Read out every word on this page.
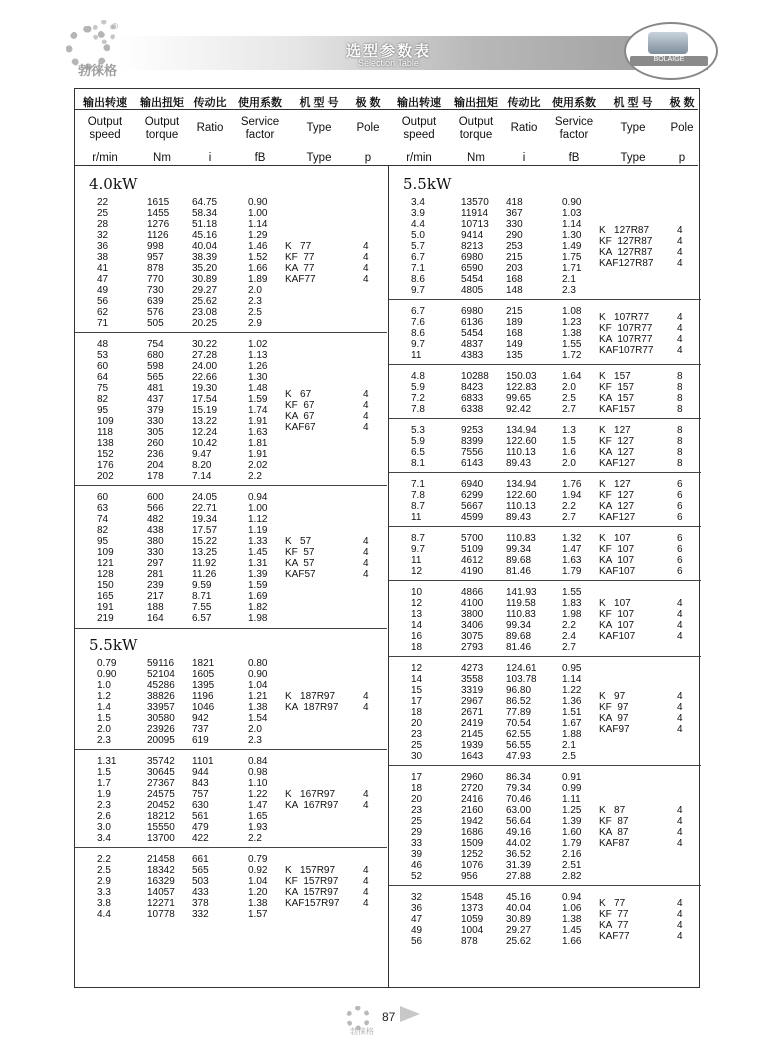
®
勃徕格
选型参数表
Selection Table	BOLAIGE
输出转速
Output
speed
r/min
输出扭矩
Output
torque
Nm
传动比
Ratio
i
使用系数
Service
factor
fB
机 型 号
Type
Type
极 数
Pole
p
输出转速
Output
speed
r/min
输出扭矩
Output
torque
Nm
传动比
Ratio
i
使用系数
Service
factor
fB
机 型 号
Type
Type
极 数
Pole
p
4.0kW
22	1615 64.75	0.90
25	1455 58.34	1.00
28	1276 51.18	1.14
32	1126 45.16	1.29
36	998	40.04	1.46
38	957	38.39	1.52
41	878	35.20	1.66
47	770	30.89	1.89
49	730	29.27	2.0
56	639	25.62	2.3
62	576	23.08	2.5
71	505	20.25	2.9
K   77	4
KF  77	4
KA  77	4
KAF77	4
48	754	30.22	1.02
53	680	27.28	1.13
60	598	24.00	1.26
64	565	22.66	1.30
75	481	19.30	1.48
82	437	17.54	1.59
95	379	15.19	1.74
109	330	13.22	1.91
118	305	12.24	1.63
138	260	10.42	1.81
152	236	9.47	1.91
176	204	8.20	2.02
202	178	7.14	2.2
K   67	4
KF  67	4
KA  67	4
KAF67	4
60	600	24.05	0.94
63	566	22.71	1.00
74	482	19.34	1.12
82	438	17.57	1.19
95	380	15.22	1.33
109	330	13.25	1.45
121	297	11.92	1.31
128	281	11.26	1.39
150	239	9.59	1.59
165	217	8.71	1.69
191	188	7.55	1.82
219	164	6.57	1.98
K   57	4
KF  57	4
KA  57	4
KAF57	4
5.5kW
0.79	59116 1821	0.80
0.90	52104 1605	0.90
1.0	45286 1395	1.04
1.2	38826 1196	1.21
1.4	33957 1046	1.38
1.5	30580 942	1.54
2.0	23926 737	2.0
2.3	20095 619	2.3
K   187R97	4
KA  187R97 4
1.31	35742 1101	0.84
1.5	30645 944	0.98
1.7	27367 843	1.10
1.9	24575 757	1.22
2.3	20452 630	1.47
2.6	18212 561	1.65
3.0	15550 479	1.93
3.4	13700 422	2.2
K   167R97	4
KA  167R97 4
2.2	21458 661	0.79
2.5	18342 565	0.92
2.9	16329 503	1.04
3.3	14057 433	1.20
3.8	12271 378	1.38
4.4	10778 332	1.57
K   157R97	4
KF  157R97 4
KA  157R97 4
KAF157R97 4
5.5kW
3.4	13570 418	0.90
3.9	11914 367	1.03
4.4	10713 330	1.14
5.0	9414 290	1.30
5.7	8213 253	1.49
6.7	6980 215	1.75
7.1	6590 203	1.71
8.6	5454 168	2.1
9.7	4805 148	2.3
K   127R87	4
KF  127R87 4
KA  127R87 4
KAF127R87 4
6.7	6980 215	1.08
7.6	6136 189	1.23
8.6	5454 168	1.38
9.7	4837 149	1.55
11	4383 135	1.72
K   107R77	4
KF  107R77 4
KA  107R77 4
KAF107R77 4
4.8	10288 150.03	1.64
5.9	8423 122.83	2.0
7.2	6833 99.65	2.5
7.8	6338 92.42	2.7
K   157	8
KF  157	8
KA  157	8
KAF157	8
5.3	9253 134.94	1.3
5.9	8399 122.60	1.5
6.5	7556 110.13	1.6
8.1	6143 89.43	2.0
K   127	8
KF  127	8
KA  127	8
KAF127	8
7.1	6940 134.94	1.76
7.8	6299 122.60	1.94
8.7	5667 110.13	2.2
11	4599 89.43	2.7
K   127	6
KF  127	6
KA  127	6
KAF127	6
8.7	5700 110.83	1.32
9.7	5109 99.34	1.47
11	4612 89.68	1.63
12	4190 81.46	1.79
K   107	6
KF  107	6
KA  107	6
KAF107	6
10	4866 141.93	1.55
12	4100 119.58	1.83
13	3800 110.83	1.98
14	3406 99.34	2.2
16	3075 89.68	2.4
18	2793 81.46	2.7
K   107	4
KF  107	4
KA  107	4
KAF107	4
12	4273 124.61	0.95
14	3558 103.78	1.14
15	3319 96.80	1.22
17	2967 86.52	1.36
18	2671 77.89	1.51
20	2419 70.54	1.67
23	2145 62.55	1.88
25	1939 56.55	2.1
30	1643 47.93	2.5
K   97	4
KF  97	4
KA  97	4
KAF97	4
17	2960 86.34	0.91
18	2720 79.34	0.99
20	2416 70.46	1.11
23	2160 63.00	1.25
25	1942 56.64	1.39
29	1686 49.16	1.60
33	1509 44.02	1.79
39	1252 36.52	2.16
46	1076 31.39	2.51
52	956	27.88	2.82
K   87	4
KF  87	4
KA  87	4
KAF87	4
32	1548 45.16	0.94
36	1373 40.04	1.06
47	1059 30.89	1.38
49	1004 29.27	1.45
56	878	25.62	1.66
K   77	4
KF  77	4
KA  77	4
KAF77	4
勃徕格
87
